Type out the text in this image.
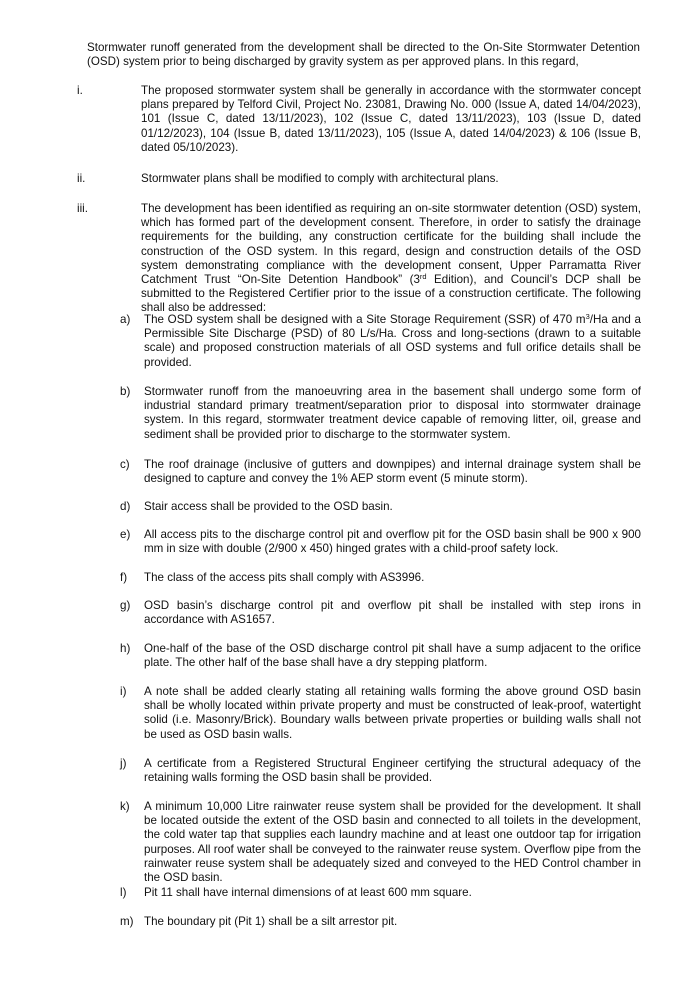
Stormwater runoff generated from the development shall be directed to the On-Site Stormwater Detention (OSD) system prior to being discharged by gravity system as per approved plans. In this regard,

i.	The proposed stormwater system shall be generally in accordance with the stormwater concept plans prepared by Telford Civil, Project No. 23081, Drawing No. 000 (Issue A, dated 14/04/2023), 101 (Issue C, dated 13/11/2023), 102 (Issue C, dated 13/11/2023), 103 (Issue D, dated 01/12/2023), 104 (Issue B, dated 13/11/2023), 105 (Issue A, dated 14/04/2023) & 106 (Issue B, dated 05/10/2023).

ii.	Stormwater plans shall be modified to comply with architectural plans.

iii.	The development has been identified as requiring an on-site stormwater detention (OSD) system, which has formed part of the development consent. Therefore, in order to satisfy the drainage requirements for the building, any construction certificate for the building shall include the construction of the OSD system. In this regard, design and construction details of the OSD system demonstrating compliance with the development consent, Upper Parramatta River Catchment Trust “On-Site Detention Handbook” (3rd Edition), and Council’s DCP shall be submitted to the Registered Certifier prior to the issue of a construction certificate. The following shall also be addressed:

a)	The OSD system shall be designed with a Site Storage Requirement (SSR) of 470 $m^3/Ha$ and a Permissible Site Discharge (PSD) of 80 L/s/Ha. Cross and long-sections (drawn to a suitable scale) and proposed construction materials of all OSD systems and full orifice details shall be provided.

b)	Stormwater runoff from the manoeuvring area in the basement shall undergo some form of industrial standard primary treatment/separation prior to disposal into stormwater drainage system. In this regard, stormwater treatment device capable of removing litter, oil, grease and sediment shall be provided prior to discharge to the stormwater system.

c)	The roof drainage (inclusive of gutters and downpipes) and internal drainage system shall be designed to capture and convey the 1% AEP storm event (5 minute storm).

d)	Stair access shall be provided to the OSD basin.

e)	All access pits to the discharge control pit and overflow pit for the OSD basin shall be 900 x 900 mm in size with double (2/900 x 450) hinged grates with a child-proof safety lock.

f)	The class of the access pits shall comply with AS3996.

g)	OSD basin’s discharge control pit and overflow pit shall be installed with step irons in accordance with AS1657.

h)	One-half of the base of the OSD discharge control pit shall have a sump adjacent to the orifice plate. The other half of the base shall have a dry stepping platform.

i)	A note shall be added clearly stating all retaining walls forming the above ground OSD basin shall be wholly located within private property and must be constructed of leak-proof, watertight solid (i.e. Masonry/Brick). Boundary walls between private properties or building walls shall not be used as OSD basin walls.

j)	A certificate from a Registered Structural Engineer certifying the structural adequacy of the retaining walls forming the OSD basin shall be provided.

k)	A minimum 10,000 Litre rainwater reuse system shall be provided for the development. It shall be located outside the extent of the OSD basin and connected to all toilets in the development, the cold water tap that supplies each laundry machine and at least one outdoor tap for irrigation purposes. All roof water shall be conveyed to the rainwater reuse system. Overflow pipe from the rainwater reuse system shall be adequately sized and conveyed to the HED Control chamber in the OSD basin.

l)	Pit 11 shall have internal dimensions of at least 600 mm square.

m) The boundary pit (Pit 1) shall be a silt arrestor pit.
